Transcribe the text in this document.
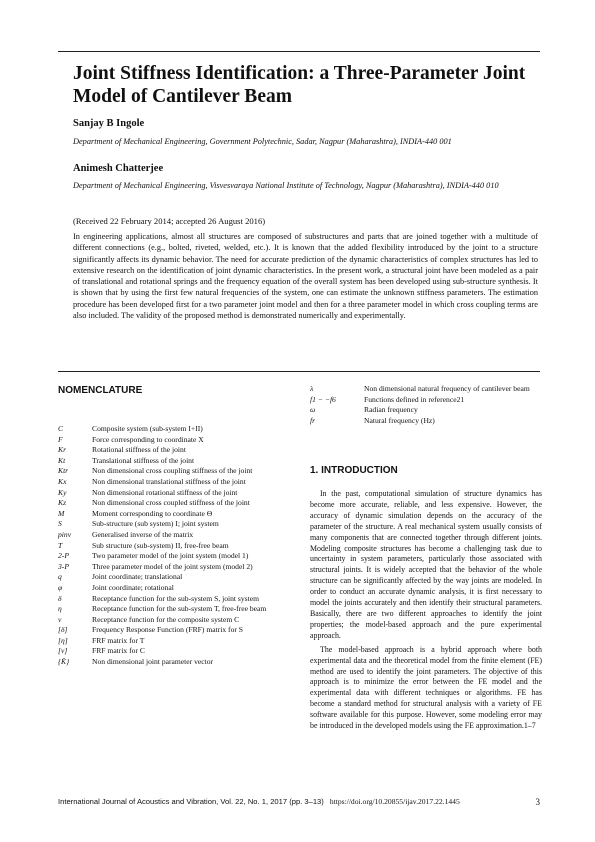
Joint Stiffness Identification: a Three-Parameter Joint Model of Cantilever Beam
Sanjay B Ingole
Department of Mechanical Engineering, Government Polytechnic, Sadar, Nagpur (Maharashtra), INDIA-440 001
Animesh Chatterjee
Department of Mechanical Engineering, Visvesvaraya National Institute of Technology, Nagpur (Maharashtra), INDIA-440 010
(Received 22 February 2014; accepted 26 August 2016)
In engineering applications, almost all structures are composed of substructures and parts that are joined together with a multitude of different connections (e.g., bolted, riveted, welded, etc.). It is known that the added flexibility introduced by the joint to a structure significantly affects its dynamic behavior. The need for accurate prediction of the dynamic characteristics of complex structures has led to extensive research on the identification of joint dynamic characteristics. In the present work, a structural joint have been modeled as a pair of translational and rotational springs and the frequency equation of the overall system has been developed using sub-structure synthesis. It is shown that by using the first few natural frequencies of the system, one can estimate the unknown stiffness parameters. The estimation procedure has been developed first for a two parameter joint model and then for a three parameter model in which cross coupling terms are also included. The validity of the proposed method is demonstrated numerically and experimentally.
NOMENCLATURE
C	Composite system (sub-system I+II)
F	Force corresponding to coordinate X
Kr	Rotational stiffness of the joint
Kt	Translational stiffness of the joint
Ktr	Non dimensional cross coupling stiffness of the joint
Kx	Non dimensional translational stiffness of the joint
Ky	Non dimensional rotational stiffness of the joint
Kz	Non dimensional cross coupled stiffness of the joint
M	Moment corresponding to coordinate Θ
S	Sub-structure (sub system) I; joint system
pinv	Generalised inverse of the matrix
T	Sub structure (sub-system) II, free-free beam
2-P	Two parameter model of the joint system (model 1)
3-P	Three parameter model of the joint system (model 2)
q	Joint coordinate; translational
φ	Joint coordinate; rotational
δ	Receptance function for the sub-system S, joint system
η	Receptance function for the sub-system T, free-free beam
ν	Receptance function for the composite system C
[δ]	Frequency Response Function (FRF) matrix for S
[η]	FRF matrix for T
[ν]	FRF matrix for C
{K̂}	Non dimensional joint parameter vector
λ	Non dimensional natural frequency of cantilever beam
f1 − −f6	Functions defined in reference21
ω	Radian frequency
fr	Natural frequency (Hz)
1. INTRODUCTION

In the past, computational simulation of structure dynamics has become more accurate, reliable, and less expensive. However, the accuracy of dynamic simulation depends on the accuracy of the parameter of the structure. A real mechanical system usually consists of many components that are connected together through different joints. Modeling composite structures has become a challenging task due to uncertainty in system parameters, particularly those associated with structural joints. It is widely accepted that the behavior of the whole structure can be significantly affected by the way joints are modeled. In order to conduct an accurate dynamic analysis, it is first necessary to model the joints accurately and then identify their structural parameters. Basically, there are two different approaches to identify the joint properties; the model-based approach and the pure experimental approach.

The model-based approach is a hybrid approach where both experimental data and the theoretical model from the finite element (FE) method are used to identify the joint parameters. The objective of this approach is to minimize the error between the FE model and the experimental data with different techniques or algorithms. FE has become a standard method for structural analysis with a variety of FE software available for this purpose. However, some modeling error may be introduced in the developed models using the FE approximation.1–7

International Journal of Acoustics and Vibration, Vol. 22, No. 1, 2017 (pp. 3–13) https://doi.org/10.20855/ijav.2017.22.1445	3
